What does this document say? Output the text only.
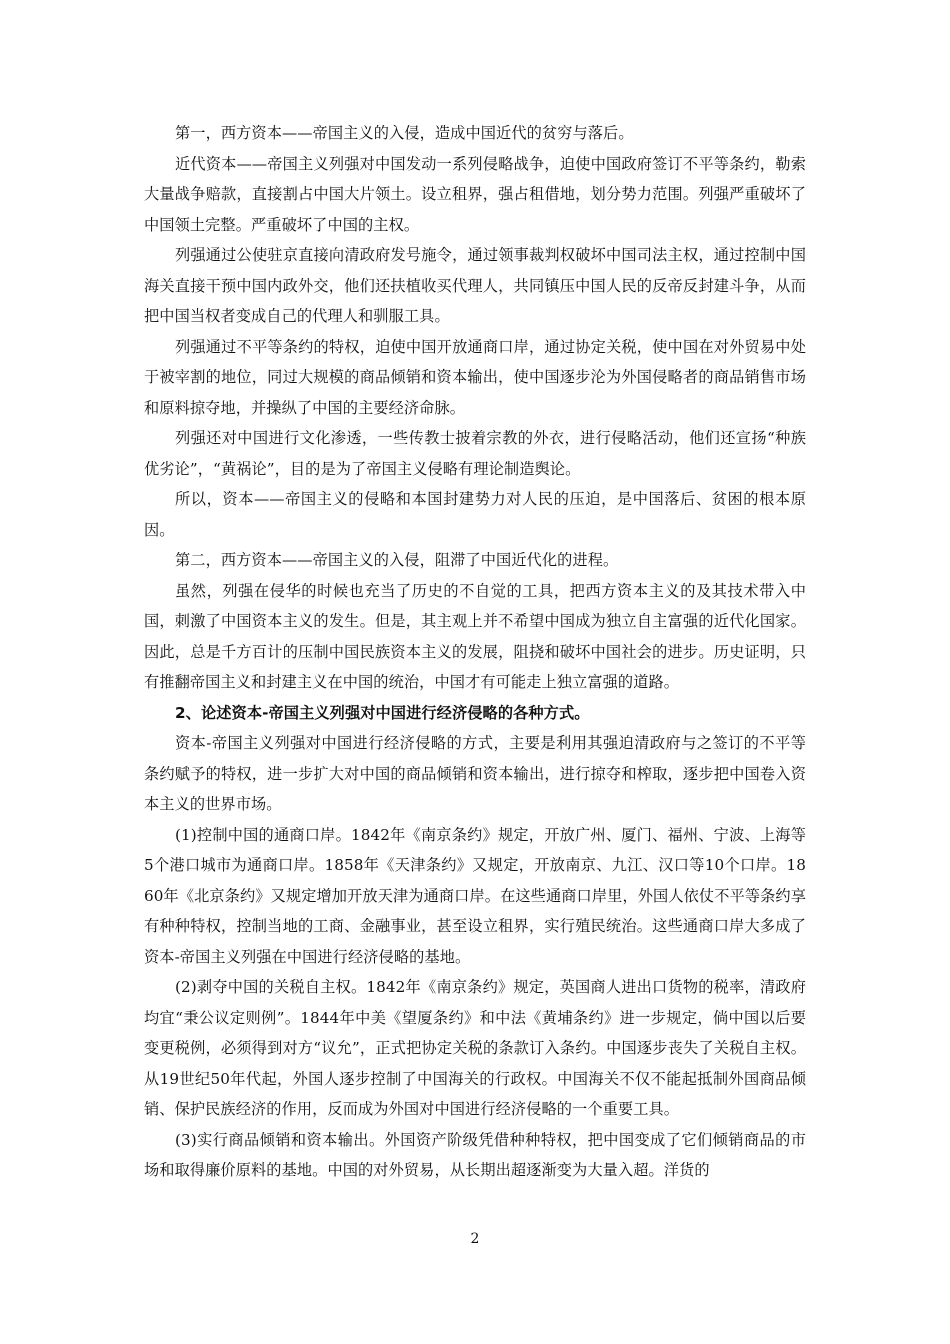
第一，西方资本——帝国主义的入侵，造成中国近代的贫穷与落后。

近代资本——帝国主义列强对中国发动一系列侵略战争，迫使中国政府签订不平等条约，勒索大量战争赔款，直接割占中国大片领土。设立租界，强占租借地，划分势力范围。列强严重破坏了中国领土完整。严重破坏了中国的主权。

列强通过公使驻京直接向清政府发号施令，通过领事裁判权破坏中国司法主权，通过控制中国海关直接干预中国内政外交，他们还扶植收买代理人，共同镇压中国人民的反帝反封建斗争，从而把中国当权者变成自己的代理人和驯服工具。

列强通过不平等条约的特权，迫使中国开放通商口岸，通过协定关税，使中国在对外贸易中处于被宰割的地位，同过大规模的商品倾销和资本输出，使中国逐步沦为外国侵略者的商品销售市场和原料掠夺地，并操纵了中国的主要经济命脉。

列强还对中国进行文化渗透，一些传教士披着宗教的外衣，进行侵略活动，他们还宣扬“种族优劣论”，“黄祸论”，目的是为了帝国主义侵略有理论制造舆论。

所以，资本——帝国主义的侵略和本国封建势力对人民的压迫，是中国落后、贫困的根本原因。

第二，西方资本——帝国主义的入侵，阻滞了中国近代化的进程。

虽然，列强在侵华的时候也充当了历史的不自觉的工具，把西方资本主义的及其技术带入中国，刺激了中国资本主义的发生。但是，其主观上并不希望中国成为独立自主富强的近代化国家。因此，总是千方百计的压制中国民族资本主义的发展，阻挠和破坏中国社会的进步。历史证明，只有推翻帝国主义和封建主义在中国的统治，中国才有可能走上独立富强的道路。

2、论述资本-帝国主义列强对中国进行经济侵略的各种方式。

资本-帝国主义列强对中国进行经济侵略的方式，主要是利用其强迫清政府与之签订的不平等条约赋予的特权，进一步扩大对中国的商品倾销和资本输出，进行掠夺和榨取，逐步把中国卷入资本主义的世界市场。

(1)控制中国的通商口岸。1842年《南京条约》规定，开放广州、厦门、福州、宁波、上海等5个港口城市为通商口岸。1858年《天津条约》又规定，开放南京、九江、汉口等10个口岸。1860年《北京条约》又规定增加开放天津为通商口岸。在这些通商口岸里，外国人依仗不平等条约享有种种特权，控制当地的工商、金融事业，甚至设立租界，实行殖民统治。这些通商口岸大多成了资本-帝国主义列强在中国进行经济侵略的基地。

(2)剥夺中国的关税自主权。1842年《南京条约》规定，英国商人进出口货物的税率，清政府均宜“秉公议定则例”。1844年中美《望厦条约》和中法《黄埔条约》进一步规定，倘中国以后要变更税例，必须得到对方“议允”，正式把协定关税的条款订入条约。中国逐步丧失了关税自主权。从19世纪50年代起，外国人逐步控制了中国海关的行政权。中国海关不仅不能起抵制外国商品倾销、保护民族经济的作用，反而成为外国对中国进行经济侵略的一个重要工具。

(3)实行商品倾销和资本输出。外国资产阶级凭借种种特权，把中国变成了它们倾销商品的市场和取得廉价原料的基地。中国的对外贸易，从长期出超逐渐变为大量入超。洋货的

2
